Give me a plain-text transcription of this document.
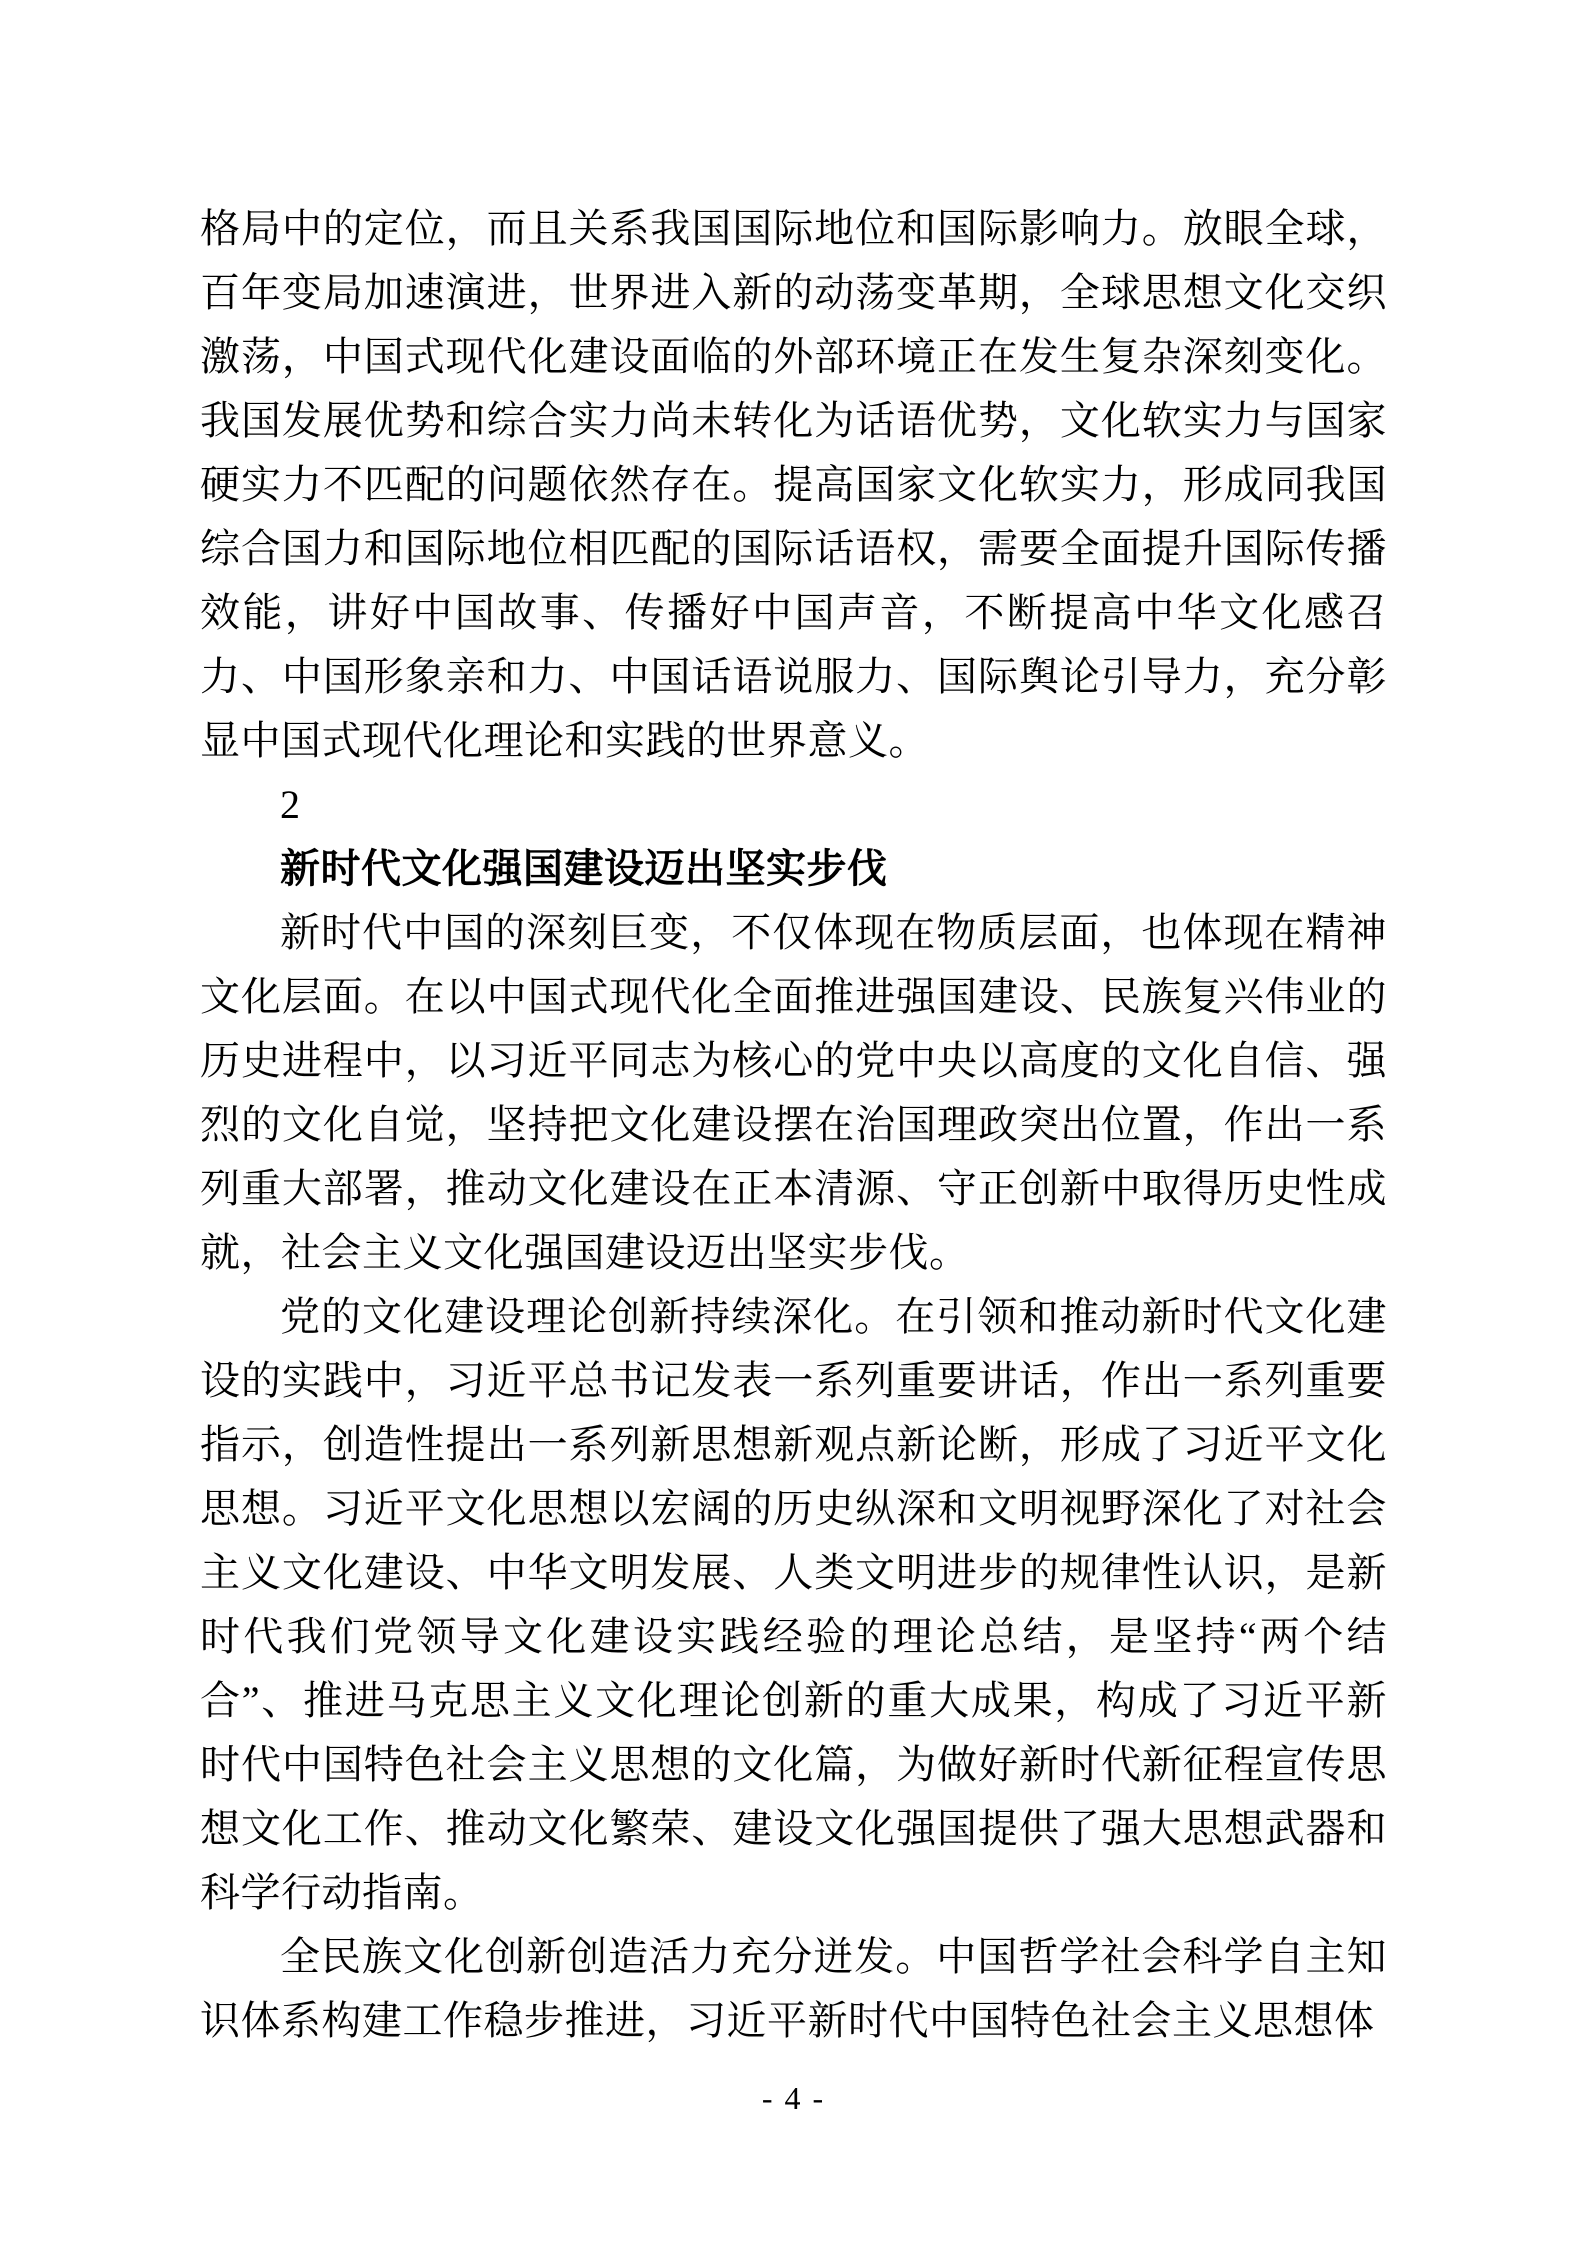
格局中的定位，而且关系我国国际地位和国际影响力。放眼全球，百年变局加速演进，世界进入新的动荡变革期，全球思想文化交织激荡，中国式现代化建设面临的外部环境正在发生复杂深刻变化。我国发展优势和综合实力尚未转化为话语优势，文化软实力与国家硬实力不匹配的问题依然存在。提高国家文化软实力，形成同我国综合国力和国际地位相匹配的国际话语权，需要全面提升国际传播效能，讲好中国故事、传播好中国声音，不断提高中华文化感召力、中国形象亲和力、中国话语说服力、国际舆论引导力，充分彰显中国式现代化理论和实践的世界意义。

2

新时代文化强国建设迈出坚实步伐

新时代中国的深刻巨变，不仅体现在物质层面，也体现在精神文化层面。在以中国式现代化全面推进强国建设、民族复兴伟业的历史进程中，以习近平同志为核心的党中央以高度的文化自信、强烈的文化自觉，坚持把文化建设摆在治国理政突出位置，作出一系列重大部署，推动文化建设在正本清源、守正创新中取得历史性成就，社会主义文化强国建设迈出坚实步伐。

党的文化建设理论创新持续深化。在引领和推动新时代文化建设的实践中，习近平总书记发表一系列重要讲话，作出一系列重要指示，创造性提出一系列新思想新观点新论断，形成了习近平文化思想。习近平文化思想以宏阔的历史纵深和文明视野深化了对社会主义文化建设、中华文明发展、人类文明进步的规律性认识，是新时代我们党领导文化建设实践经验的理论总结，是坚持“两个结合”、推进马克思主义文化理论创新的重大成果，构成了习近平新时代中国特色社会主义思想的文化篇，为做好新时代新征程宣传思想文化工作、推动文化繁荣、建设文化强国提供了强大思想武器和科学行动指南。

全民族文化创新创造活力充分迸发。中国哲学社会科学自主知识体系构建工作稳步推进，习近平新时代中国特色社会主义思想体

- 4 -
